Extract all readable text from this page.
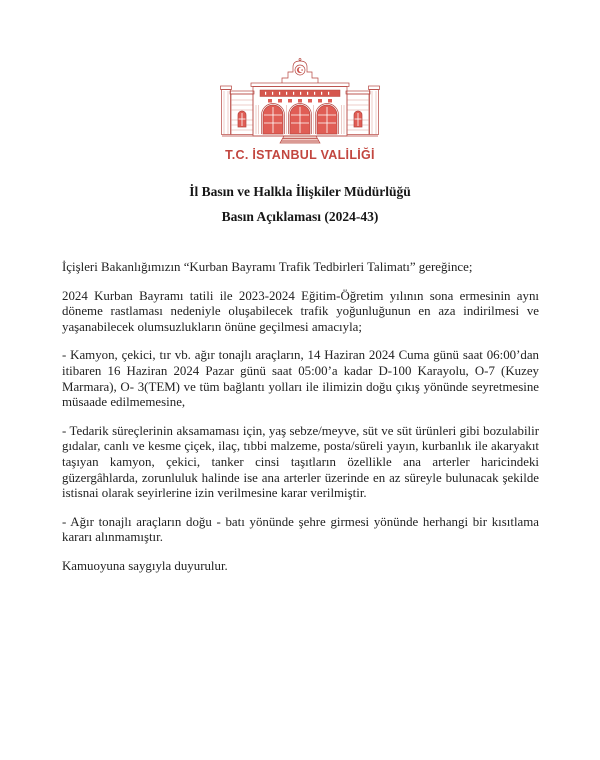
T.C. İSTANBUL VALİLİĞİ
İl Basın ve Halkla İlişkiler Müdürlüğü
Basın Açıklaması (2024-43)

İçişleri Bakanlığımızın “Kurban Bayramı Trafik Tedbirleri Talimatı” gereğince;

2024 Kurban Bayramı tatili ile 2023-2024 Eğitim-Öğretim yılının sona ermesinin aynı döneme rastlaması nedeniyle oluşabilecek trafik yoğunluğunun en aza indirilmesi ve yaşanabilecek olumsuzlukların önüne geçilmesi amacıyla;

- Kamyon, çekici, tır vb. ağır tonajlı araçların, 14 Haziran 2024 Cuma günü saat 06:00’dan itibaren 16 Haziran 2024 Pazar günü saat 05:00’a kadar D-100 Karayolu, O-7 (Kuzey Marmara), O- 3(TEM) ve tüm bağlantı yolları ile ilimizin doğu çıkış yönünde seyretmesine müsaade edilmemesine,

- Tedarik süreçlerinin aksamaması için, yaş sebze/meyve, süt ve süt ürünleri gibi bozulabilir gıdalar, canlı ve kesme çiçek, ilaç, tıbbi malzeme, posta/süreli yayın, kurbanlık ile akaryakıt taşıyan kamyon, çekici, tanker cinsi taşıtların özellikle ana arterler haricindeki güzergâhlarda, zorunluluk halinde ise ana arterler üzerinde en az süreyle bulunacak şekilde istisnai olarak seyirlerine izin verilmesine karar verilmiştir.

- Ağır tonajlı araçların doğu - batı yönünde şehre girmesi yönünde herhangi bir kısıtlama kararı alınmamıştır.

Kamuoyuna saygıyla duyurulur.
